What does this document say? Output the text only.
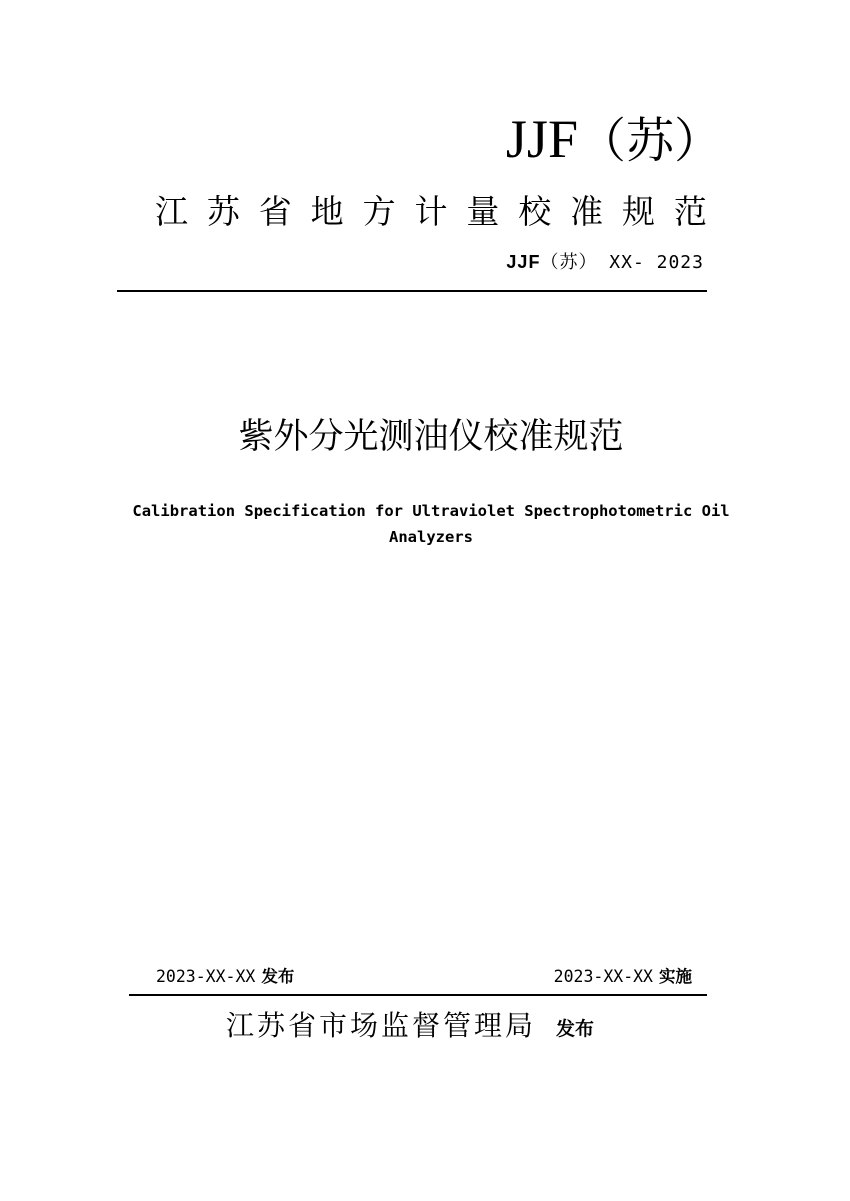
JJF（苏）
江 苏 省 地 方 计 量 校 准 规 范
JJF（苏） XX- 2023
紫外分光测油仪校准规范
Calibration Specification for Ultraviolet Spectrophotometric Oil Analyzers
2023-XX-XX 发布	2023-XX-XX 实施
江苏省市场监督管理局 发布
